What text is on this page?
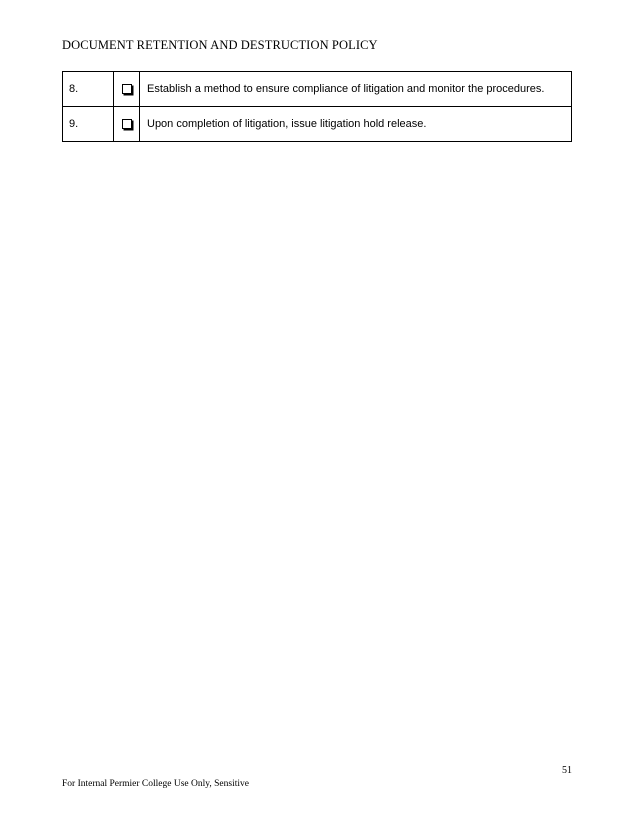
DOCUMENT RETENTION AND DESTRUCTION POLICY
8.		Establish a method to ensure compliance of litigation and monitor the procedures.
9.		Upon completion of litigation, issue litigation hold release.
51
For Internal Permier College Use Only, Sensitive
